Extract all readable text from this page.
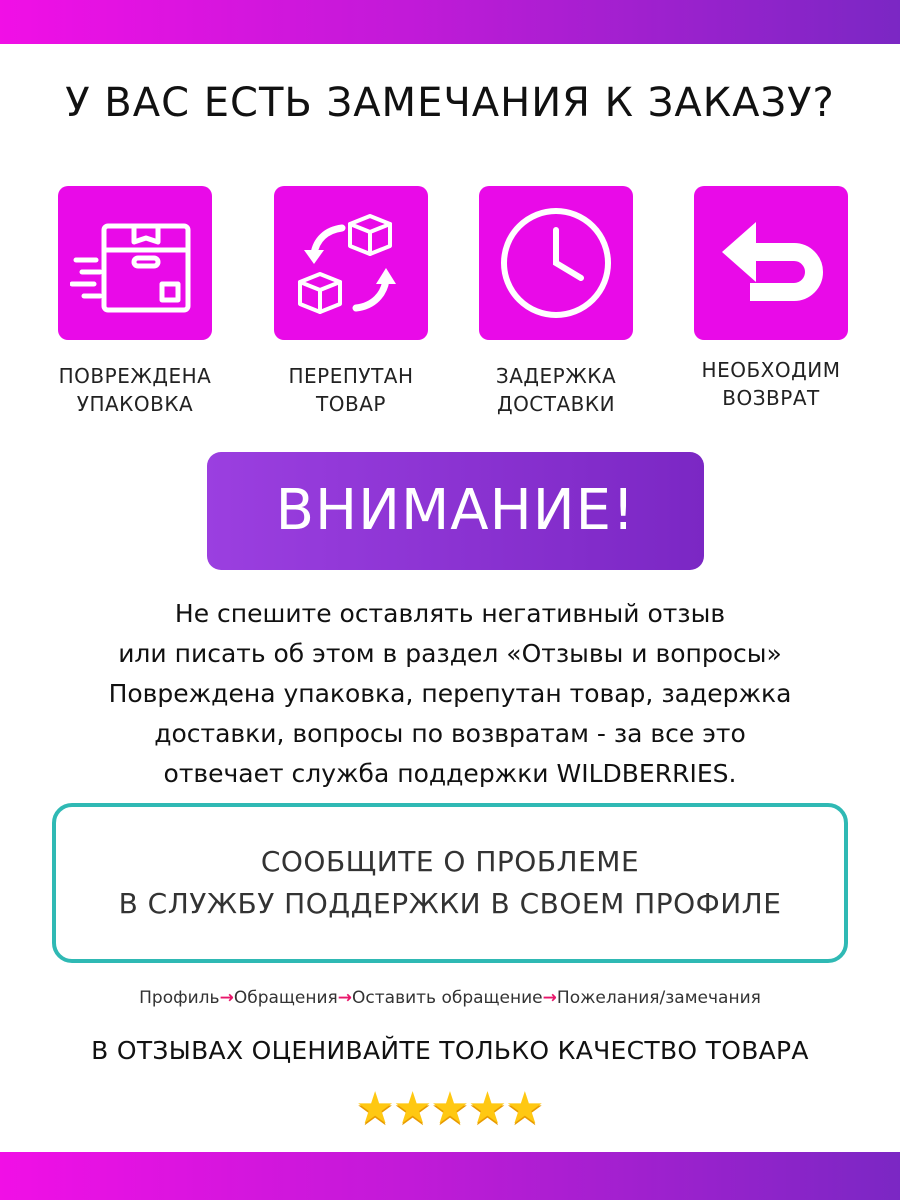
У ВАС ЕСТЬ ЗАМЕЧАНИЯ К ЗАКАЗУ?
ПОВРЕЖДЕНА
УПАКОВКА
ПЕРЕПУТАН
ТОВАР
ЗАДЕРЖКА
ДОСТАВКИ
НЕОБХОДИМ
ВОЗВРАТ
ВНИМАНИЕ!
Не спешите оставлять негативный отзыв
или писать об этом в раздел «Отзывы и вопросы»
Повреждена упаковка, перепутан товар, задержка
доставки, вопросы по возвратам - за все это
отвечает служба поддержки WILDBERRIES.
СООБЩИТЕ О ПРОБЛЕМЕ
В СЛУЖБУ ПОДДЕРЖКИ В СВОЕМ ПРОФИЛЕ
Профиль→Обращения→Оставить обращение→Пожелания/замечания
В ОТЗЫВАХ ОЦЕНИВАЙТЕ ТОЛЬКО КАЧЕСТВО ТОВАРА
★★★★★
